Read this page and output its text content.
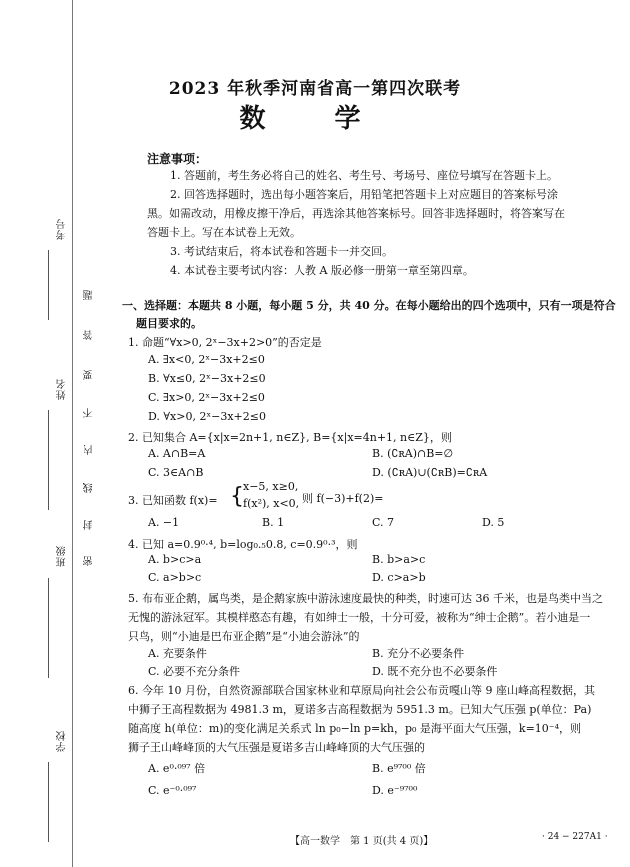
考号
姓名
班级
学校
题
答
要
不
内
线
封
密
2023 年秋季河南省高一第四次联考
数 学
注意事项：
1. 答题前，考生务必将自己的姓名、考生号、考场号、座位号填写在答题卡上。
2. 回答选择题时，选出每小题答案后，用铅笔把答题卡上对应题目的答案标号涂
黑。如需改动，用橡皮擦干净后，再选涂其他答案标号。回答非选择题时，将答案写在
答题卡上。写在本试卷上无效。
3. 考试结束后，将本试卷和答题卡一并交回。
4. 本试卷主要考试内容：人教 A 版必修一册第一章至第四章。
一、选择题：本题共 8 小题，每小题 5 分，共 40 分。在每小题给出的四个选项中，只有一项是符合
题目要求的。
1. 命题“∀x>0, 2ˣ−3x+2>0”的否定是
A. ∃x<0, 2ˣ−3x+2≤0
B. ∀x≤0, 2ˣ−3x+2≤0
C. ∃x>0, 2ˣ−3x+2≤0
D. ∀x>0, 2ˣ−3x+2≤0
2. 已知集合 A={x|x=2n+1, n∈Z}, B={x|x=4n+1, n∈Z}，则
A. A∩B=A	B. (∁ʀA)∩B=∅
C. 3∈A∩B	D. (∁ʀA)∪(∁ʀB)=∁ʀA
3. 已知函数 f(x)= { x−5, x≥0,
f(x²), x<0, 则 f(−3)+f(2)=
A. −1	B. 1	C. 7	D. 5
4. 已知 a=0.9⁰·⁴, b=log₀.₅0.8, c=0.9⁰·³，则
A. b>c>a	B. b>a>c
C. a>b>c	D. c>a>b
5. 布布亚企鹅，属鸟类，是企鹅家族中游泳速度最快的种类，时速可达 36 千米，也是鸟类中当之
无愧的游泳冠军。其模样憨态有趣，有如绅士一般，十分可爱，被称为“绅士企鹅”。若小迪是一
只鸟，则“小迪是巴布亚企鹅”是“小迪会游泳”的
A. 充要条件	B. 充分不必要条件
C. 必要不充分条件	D. 既不充分也不必要条件
6. 今年 10 月份，自然资源部联合国家林业和草原局向社会公布贡嘎山等 9 座山峰高程数据，其
中狮子王高程数据为 4981.3 m，夏诺多吉高程数据为 5951.3 m。已知大气压强 p(单位：Pa)
随高度 h(单位：m)的变化满足关系式 ln p₀−ln p=kh，p₀ 是海平面大气压强，k=10⁻⁴，则
狮子王山峰峰顶的大气压强是夏诺多吉山峰峰顶的大气压强的
A. e⁰·⁰⁹⁷ 倍	B. e⁹⁷⁰⁰ 倍
C. e⁻⁰·⁰⁹⁷	D. e⁻⁹⁷⁰⁰
【高一数学　第 1 页(共 4 页)】	· 24 − 227A1 ·
